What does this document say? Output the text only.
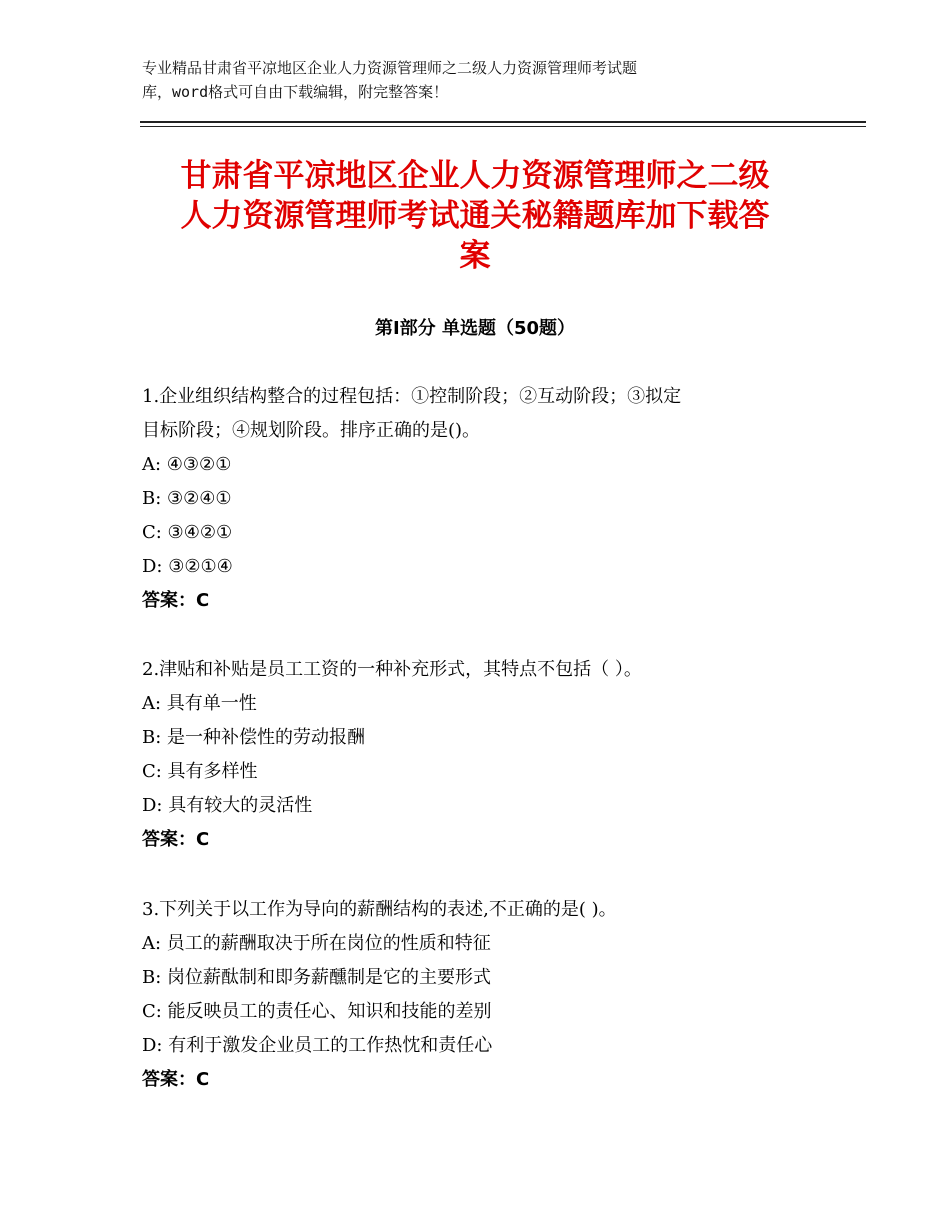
专业精品甘肃省平凉地区企业人力资源管理师之二级人力资源管理师考试题
库，word格式可自由下载编辑，附完整答案！
甘肃省平凉地区企业人力资源管理师之二级
人力资源管理师考试通关秘籍题库加下载答
案
第Ⅰ部分 单选题（50题）
1.企业组织结构整合的过程包括：①控制阶段；②互动阶段；③拟定
目标阶段；④规划阶段。排序正确的是()。
A: ④③②①
B: ③②④①
C: ③④②①
D: ③②①④
答案：C
2.津贴和补贴是员工工资的一种补充形式，其特点不包括（ ）。
A: 具有单一性
B: 是一种补偿性的劳动报酬
C: 具有多样性
D: 具有较大的灵活性
答案：C
3.下列关于以工作为导向的薪酬结构的表述,不正确的是( )。
A: 员工的薪酬取决于所在岗位的性质和特征
B: 岗位薪酞制和即务薪醺制是它的主要形式
C: 能反映员工的责任心、知识和技能的差别
D: 有利于激发企业员工的工作热忱和责任心
答案：C
